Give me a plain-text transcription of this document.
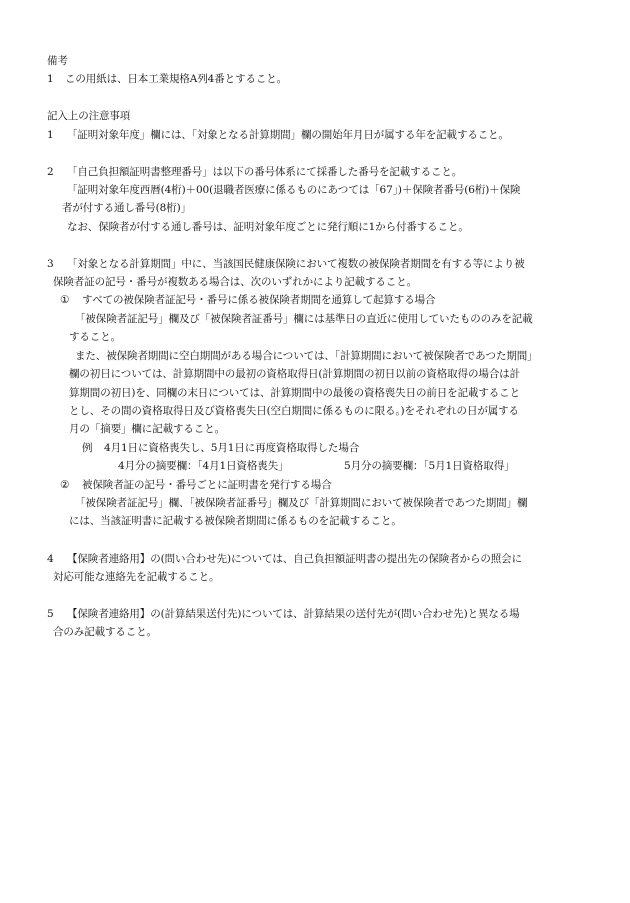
備考
1 この用紙は、日本工業規格A列4番とすること。
記入上の注意事項
1 「証明対象年度」欄には、「対象となる計算期間」欄の開始年月日が属する年を記載すること。
2 「自己負担額証明書整理番号」は以下の番号体系にて採番した番号を記載すること。
「証明対象年度西暦(4桁)＋00(退職者医療に係るものにあつては「67」)＋保険者番号(6桁)＋保険
者が付する通し番号(8桁)」
なお、保険者が付する通し番号は、証明対象年度ごとに発行順に1から付番すること。
3 「対象となる計算期間」中に、当該国民健康保険において複数の被保険者期間を有する等により被
保険者証の記号・番号が複数ある場合は、次のいずれかにより記載すること。
① すべての被保険者証記号・番号に係る被保険者期間を通算して起算する場合
「被保険者証記号」欄及び「被保険者証番号」欄には基準日の直近に使用していたもののみを記載
すること。
また、被保険者期間に空白期間がある場合については、「計算期間において被保険者であつた期間」
欄の初日については、計算期間中の最初の資格取得日(計算期間の初日以前の資格取得の場合は計
算期間の初日)を、同欄の末日については、計算期間中の最後の資格喪失日の前日を記載すること
とし、その間の資格取得日及び資格喪失日(空白期間に係るものに限る。)をそれぞれの日が属する
月の「摘要」欄に記載すること。
例 4月1日に資格喪失し、5月1日に再度資格取得した場合
4月分の摘要欄：「4月1日資格喪失」	5月分の摘要欄：「5月1日資格取得」
② 被保険者証の記号・番号ごとに証明書を発行する場合
「被保険者証記号」欄、「被保険者証番号」欄及び「計算期間において被保険者であつた期間」欄
には、当該証明書に記載する被保険者期間に係るものを記載すること。
4 【保険者連絡用】の(問い合わせ先)については、自己負担額証明書の提出先の保険者からの照会に
対応可能な連絡先を記載すること。
5 【保険者連絡用】の(計算結果送付先)については、計算結果の送付先が(問い合わせ先)と異なる場
合のみ記載すること。
